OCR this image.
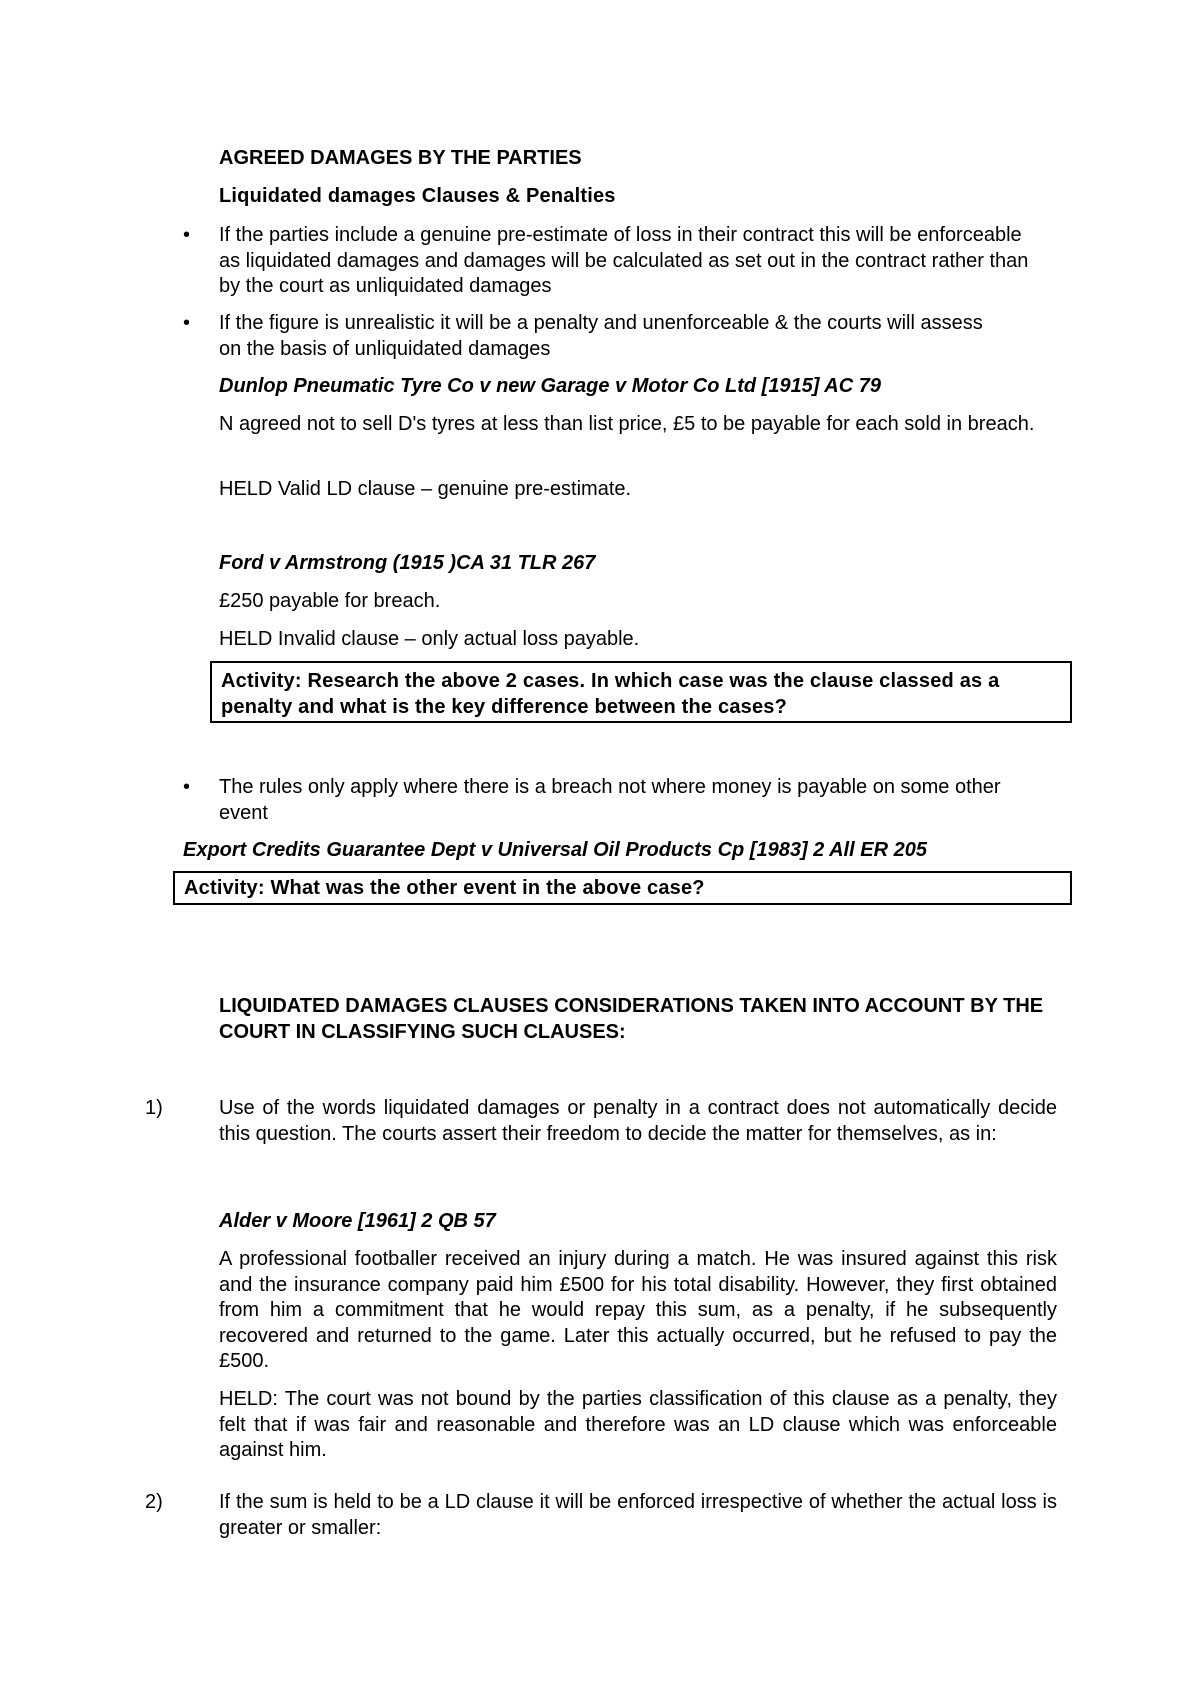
AGREED DAMAGES BY THE PARTIES

Liquidated damages Clauses & Penalties

• If the parties include a genuine pre-estimate of loss in their contract this will be enforceable as liquidated damages and damages will be calculated as set out in the contract rather than by the court as unliquidated damages

• If the figure is unrealistic it will be a penalty and unenforceable & the courts will assess on the basis of unliquidated damages

Dunlop Pneumatic Tyre Co v new Garage v Motor Co Ltd [1915] AC 79

N agreed not to sell D's tyres at less than list price, £5 to be payable for each sold in breach.

HELD Valid LD clause – genuine pre-estimate.

Ford v Armstrong (1915 )CA 31 TLR 267

£250 payable for breach.

HELD Invalid clause – only actual loss payable.

Activity: Research the above 2 cases. In which case was the clause classed as a penalty and what is the key difference between the cases?

• The rules only apply where there is a breach not where money is payable on some other event

Export Credits Guarantee Dept v Universal Oil Products Cp [1983] 2 All ER 205

Activity: What was the other event in the above case?

LIQUIDATED DAMAGES CLAUSES CONSIDERATIONS TAKEN INTO ACCOUNT BY THE COURT IN CLASSIFYING SUCH CLAUSES:

1)	Use of the words liquidated damages or penalty in a contract does not automatically decide this question. The courts assert their freedom to decide the matter for themselves, as in:

Alder v Moore [1961] 2 QB 57

A professional footballer received an injury during a match. He was insured against this risk and the insurance company paid him £500 for his total disability. However, they first obtained from him a commitment that he would repay this sum, as a penalty, if he subsequently recovered and returned to the game. Later this actually occurred, but he refused to pay the £500.

HELD: The court was not bound by the parties classification of this clause as a penalty, they felt that if was fair and reasonable and therefore was an LD clause which was enforceable against him.

2)	If the sum is held to be a LD clause it will be enforced irrespective of whether the actual loss is greater or smaller:
